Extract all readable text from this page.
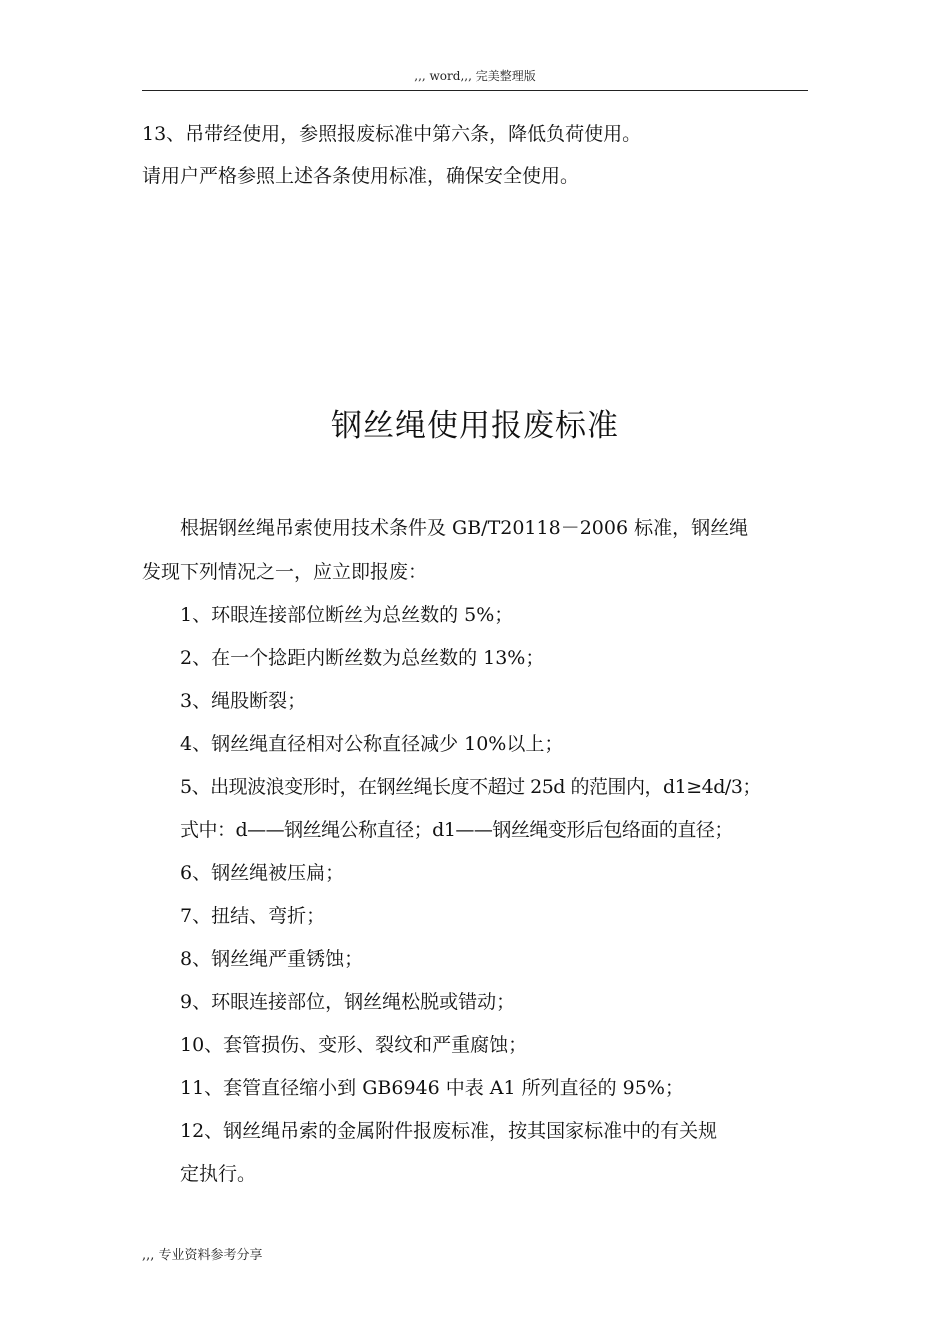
,,, word,,, 完美整理版
13、吊带经使用，参照报废标准中第六条，降低负荷使用。
请用户严格参照上述各条使用标准，确保安全使用。
钢丝绳使用报废标准
根据钢丝绳吊索使用技术条件及 GB/T20118－2006 标准，钢丝绳
发现下列情况之一，应立即报废：
1、环眼连接部位断丝为总丝数的 5%；
2、在一个捻距内断丝数为总丝数的 13%；
3、绳股断裂；
4、钢丝绳直径相对公称直径减少 10%以上；
5、出现波浪变形时，在钢丝绳长度不超过 25d 的范围内，d1≥4d/3；
式中：d——钢丝绳公称直径；d1——钢丝绳变形后包络面的直径；
6、钢丝绳被压扁；
7、扭结、弯折；
8、钢丝绳严重锈蚀；
9、环眼连接部位，钢丝绳松脱或错动；
10、套管损伤、变形、裂纹和严重腐蚀；
11、套管直径缩小到 GB6946 中表 A1 所列直径的 95%；
12、钢丝绳吊索的金属附件报废标准，按其国家标准中的有关规
定执行。
,,, 专业资料参考分享
